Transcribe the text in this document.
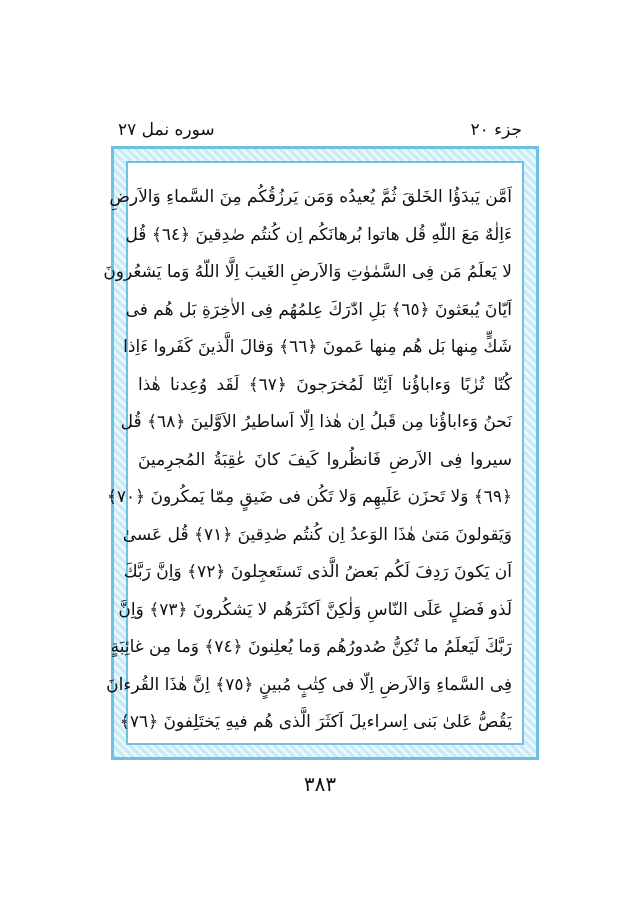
جزء ٢٠
سوره نمل ٢٧
اَمَّن يَبدَؤُا الخَلقَ ثُمَّ يُعيدُه وَمَن يَرزُقُكُم مِنَ السَّماءِ وَالاَرضِ
ءَاِلٰهٌ مَعَ اللّهِ قُل هاتوا بُرهانَكُم اِن كُنتُم صٰدِقينَ ﴿٦٤﴾ قُل
لا يَعلَمُ مَن فِى السَّمٰوٰتِ وَالاَرضِ الغَيبَ اِلَّا اللّهُ وَما يَشعُرونَ
اَيّانَ يُبعَثونَ ﴿٦٥﴾ بَلِ ادّٰرَكَ عِلمُهُم فِى الاٰخِرَةِ بَل هُم فى
شَكٍّ مِنها بَل هُم مِنها عَمونَ ﴿٦٦﴾ وَقالَ الَّذينَ كَفَروا ءَاِذا
كُنّا تُرٰبًا وَءاباؤُنا اَئِنّا لَمُخرَجونَ ﴿٦٧﴾ لَقَد وُعِدنا هٰذا
نَحنُ وَءاباؤُنا مِن قَبلُ اِن هٰذا اِلّا اَساطيرُ الاَوَّلينَ ﴿٦٨﴾ قُل
سيروا فِى الاَرضِ فَانظُروا كَيفَ كانَ عٰقِبَةُ المُجرِمينَ
﴿٦٩﴾ وَلا تَحزَن عَلَيهِم وَلا تَكُن فى ضَيقٍ مِمّا يَمكُرونَ ﴿٧٠﴾
وَيَقولونَ مَتىٰ هٰذَا الوَعدُ اِن كُنتُم صٰدِقينَ ﴿٧١﴾ قُل عَسىٰ
اَن يَكونَ رَدِفَ لَكُم بَعضُ الَّذى تَستَعجِلونَ ﴿٧٢﴾ وَاِنَّ رَبَّكَ
لَذو فَضلٍ عَلَى النّاسِ وَلٰكِنَّ اَكثَرَهُم لا يَشكُرونَ ﴿٧٣﴾ وَاِنَّ
رَبَّكَ لَيَعلَمُ ما تُكِنُّ صُدورُهُم وَما يُعلِنونَ ﴿٧٤﴾ وَما مِن غائِبَةٍ
فِى السَّماءِ وَالاَرضِ اِلّا فى كِتٰبٍ مُبينٍ ﴿٧٥﴾ اِنَّ هٰذَا القُرءانَ
يَقُصُّ عَلىٰ بَنى اِسراءيلَ اَكثَرَ الَّذى هُم فيهِ يَختَلِفونَ ﴿٧٦﴾
٣٨٣
